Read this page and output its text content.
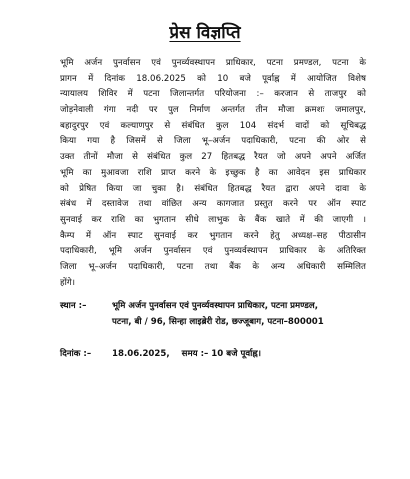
प्रेस विज्ञप्ति
भूमि अर्जन पुनर्वासन एवं पुनर्व्यवस्थापन प्राधिकार, पटना प्रमण्डल, पटना के
प्रागन में दिनांक 18.06.2025 को 10 बजे पूर्वाह्न में आयोजित विशेष
न्यायालय शिविर में पटना जिलान्तर्गत परियोजना :– करजान से ताजपुर को
जोड़नेवाली गंगा नदी पर पुल निर्माण अन्तर्गत तीन मौजा क्रमशः जमालपुर,
बहादुरपुर एवं कल्याणपुर से संबंधित कुल 104 संदर्भ वादों को सूचिबद्ध
किया गया है जिसमें से जिला भू–अर्जन पदाधिकारी, पटना की ओर से
उक्त तीनों मौजा से संबंधित कुल 27 हितबद्ध रैयत जो अपने अपने अर्जित
भूमि का मुआवजा राशि प्राप्त करने के इच्छुक है का आवेदन इस प्राधिकार
को प्रेषित किया जा चुका है। संबंधित हितबद्ध रैयत द्वारा अपने दावा के
संबंध में दस्तावेज तथा वांछित अन्य कागजात प्रस्तुत करने पर ऑन स्पाट
सुनवाई कर राशि का भुगतान सीधे लाभुक के बैंक खाते में की जाएगी ।
कैम्प में ऑन स्पाट सुनवाई कर भुगतान करने हेतु अध्यक्ष–सह पीठासीन
पदाधिकारी, भूमि अर्जन पुनर्वासन एवं पुनव्यर्वस्थापन प्राधिकार के अतिरिक्त
जिला भू–अर्जन पदाधिकारी, पटना तथा बैंक के अन्य अधिकारी सम्मिलित
होंगे।
स्थान :–	भूमि अर्जन पुनर्वासन एवं पुनर्व्यवस्थापन प्राधिकार, पटना प्रमण्डल,
पटना, बी / 96, सिन्हा लाइब्रेरी रोड, छज्जूबाग, पटना–800001
दिनांक :–	18.06.2025, समय :– 10 बजे पूर्वाह्न।
